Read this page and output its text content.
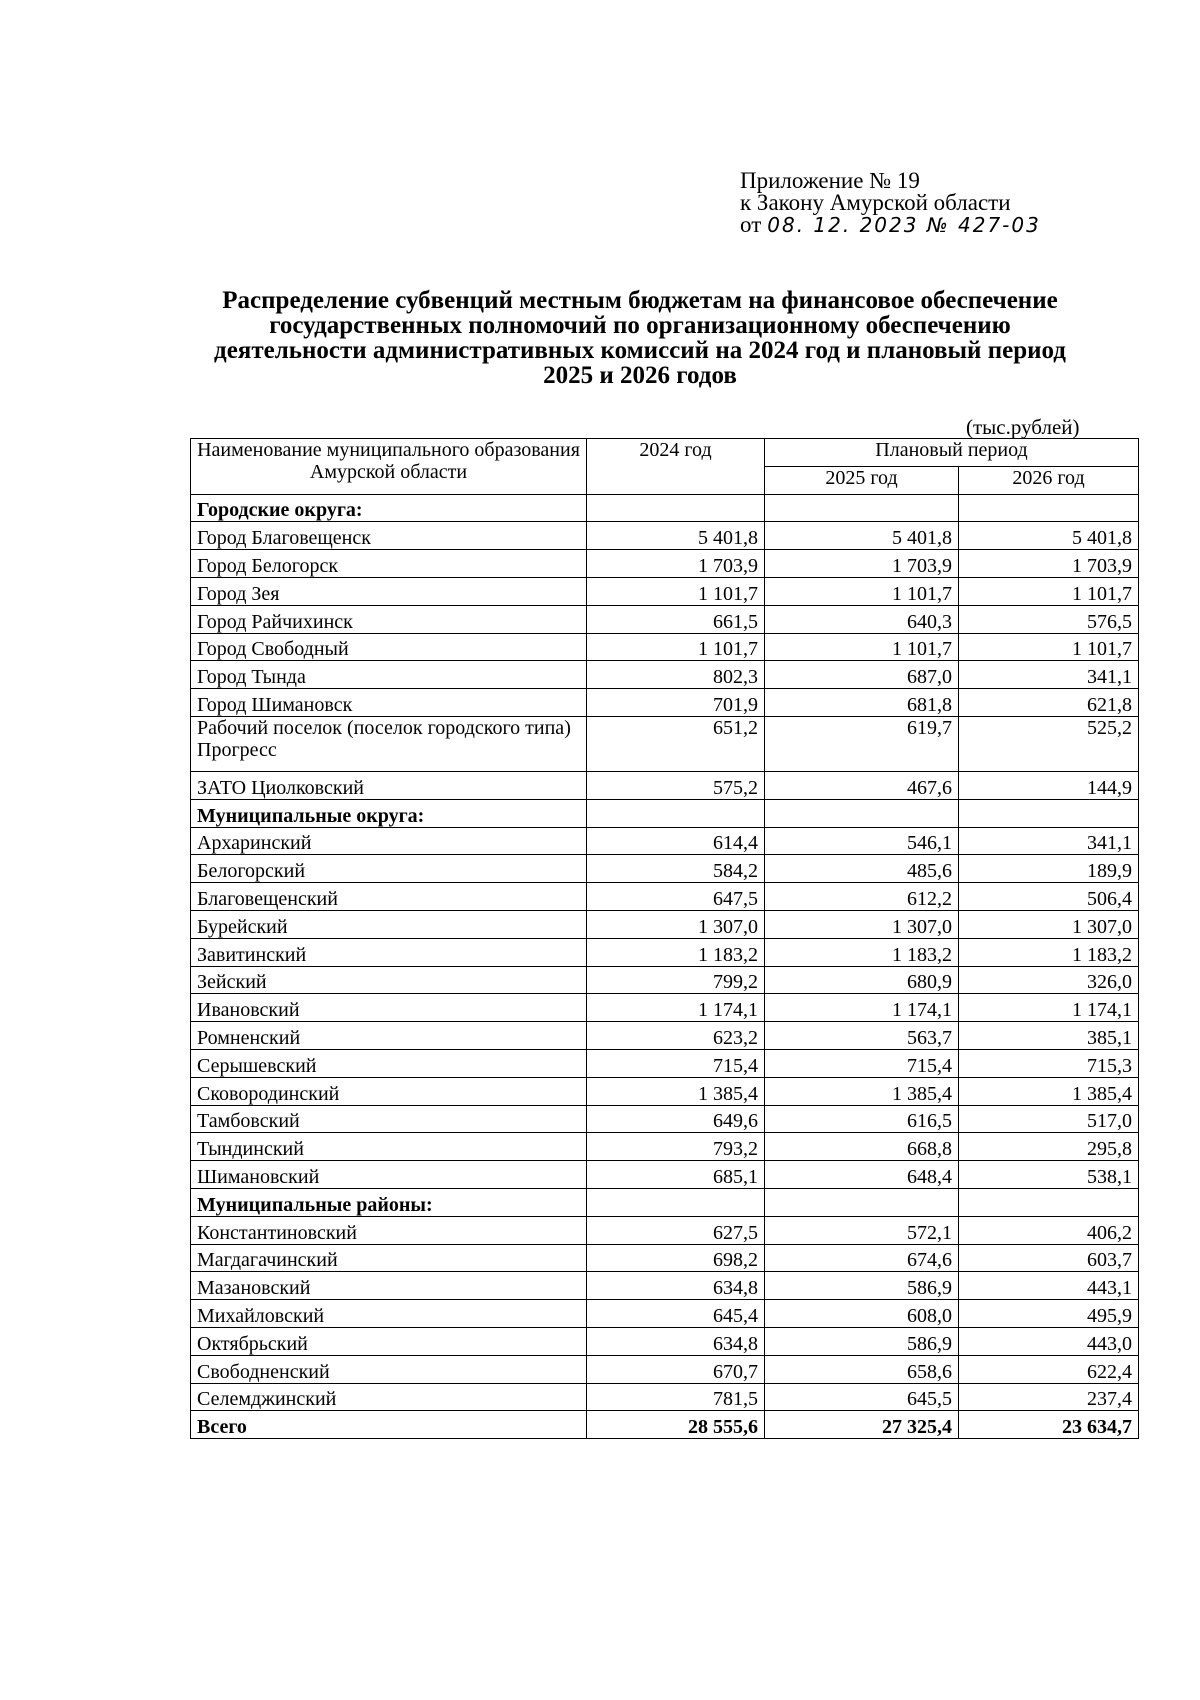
Приложение № 19
к Закону Амурской области
от 08. 12. 2023 № 427-03
Распределение субвенций местным бюджетам на финансовое обеспечение государственных полномочий по организационному обеспечению деятельности административных комиссий на 2024 год и плановый период 2025 и 2026 годов
(тыс.рублей)
Наименование муниципального образования Амурской области	2024 год	Плановый период	
		2025 год	2026 год
Городские округа:			
Город Благовещенск	5 401,8	5 401,8	5 401,8
Город Белогорск	1 703,9	1 703,9	1 703,9
Город Зея	1 101,7	1 101,7	1 101,7
Город Райчихинск	661,5	640,3	576,5
Город Свободный	1 101,7	1 101,7	1 101,7
Город Тында	802,3	687,0	341,1
Город Шимановск	701,9	681,8	621,8
Рабочий поселок (поселок городского типа) Прогресс	651,2	619,7	525,2
ЗАТО Циолковский	575,2	467,6	144,9
Муниципальные округа:			
Архаринский	614,4	546,1	341,1
Белогорский	584,2	485,6	189,9
Благовещенский	647,5	612,2	506,4
Бурейский	1 307,0	1 307,0	1 307,0
Завитинский	1 183,2	1 183,2	1 183,2
Зейский	799,2	680,9	326,0
Ивановский	1 174,1	1 174,1	1 174,1
Ромненский	623,2	563,7	385,1
Серышевский	715,4	715,4	715,3
Сковородинский	1 385,4	1 385,4	1 385,4
Тамбовский	649,6	616,5	517,0
Тындинский	793,2	668,8	295,8
Шимановский	685,1	648,4	538,1
Муниципальные районы:			
Константиновский	627,5	572,1	406,2
Магдагачинский	698,2	674,6	603,7
Мазановский	634,8	586,9	443,1
Михайловский	645,4	608,0	495,9
Октябрьский	634,8	586,9	443,0
Свободненский	670,7	658,6	622,4
Селемджинский	781,5	645,5	237,4
Всего	28 555,6	27 325,4	23 634,7
